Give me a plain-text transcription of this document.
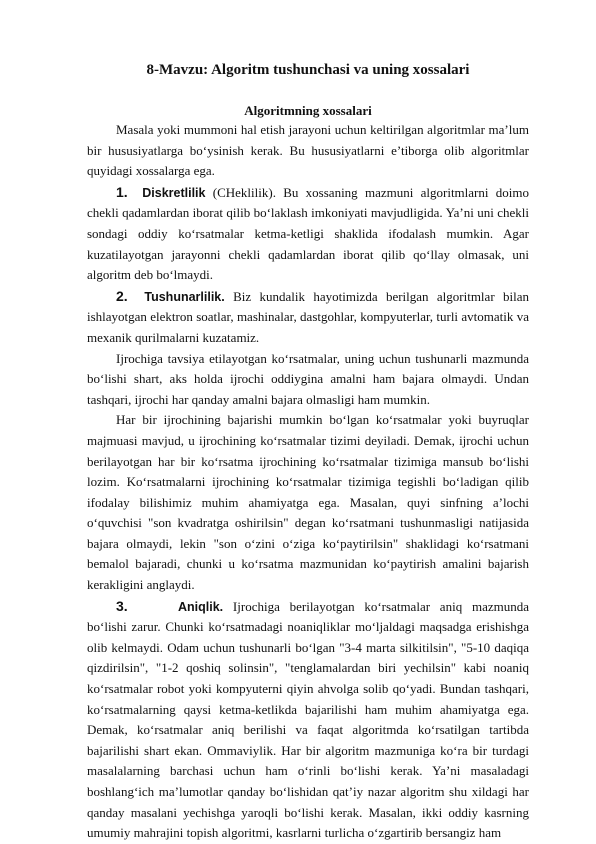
8-Mavzu: Algoritm tushunchasi va uning xossalari
Algoritmning xossalari

Masala yoki mummoni hal etish jarayoni uchun keltirilgan algoritmlar ma’lum bir hususiyatlarga bo‘ysinish kerak. Bu hususiyatlarni e’tiborga olib algoritmlar quyidagi xossalarga ega.

1. Diskretlilik (CHeklilik). Bu xossaning mazmuni algoritmlarni doimo chekli qadamlardan iborat qilib bo‘laklash imkoniyati mavjudligida. Ya’ni uni chekli sondagi oddiy ko‘rsatmalar ketma-ketligi shaklida ifodalash mumkin. Agar kuzatilayotgan jarayonni chekli qadamlardan iborat qilib qo‘llay olmasak, uni algoritm deb bo‘lmaydi.

2. Tushunarlilik. Biz kundalik hayotimizda berilgan algoritmlar bilan ishlayotgan elektron soatlar, mashinalar, dastgohlar, kompyuterlar, turli avtomatik va mexanik qurilmalarni kuzatamiz.

Ijrochiga tavsiya etilayotgan ko‘rsatmalar, uning uchun tushunarli mazmunda bo‘lishi shart, aks holda ijrochi oddiygina amalni ham bajara olmaydi. Undan tashqari, ijrochi har qanday amalni bajara olmasligi ham mumkin.

Har bir ijrochining bajarishi mumkin bo‘lgan ko‘rsatmalar yoki buyruqlar majmuasi mavjud, u ijrochining ko‘rsatmalar tizimi deyiladi. Demak, ijrochi uchun berilayotgan har bir ko‘rsatma ijrochining ko‘rsatmalar tizimiga mansub bo‘lishi lozim. Ko‘rsatmalarni ijrochining ko‘rsatmalar tizimiga tegishli bo‘ladigan qilib ifodalay bilishimiz muhim ahamiyatga ega. Masalan, quyi sinfning a’lochi o‘quvchisi "son kvadratga oshirilsin" degan ko‘rsatmani tushunmasligi natijasida bajara olmaydi, lekin "son o‘zini o‘ziga ko‘paytirilsin" shaklidagi ko‘rsatmani bemalol bajaradi, chunki u ko‘rsatma mazmunidan ko‘paytirish amalini bajarish kerakligini anglaydi.

3.	Aniqlik. Ijrochiga berilayotgan ko‘rsatmalar aniq mazmunda bo‘lishi zarur. Chunki ko‘rsatmadagi noaniqliklar mo‘ljaldagi maqsadga erishishga olib kelmaydi. Odam uchun tushunarli bo‘lgan "3-4 marta silkitilsin", "5-10 daqiqa qizdirilsin", "1-2 qoshiq solinsin", "tenglamalardan biri yechilsin" kabi noaniq ko‘rsatmalar robot yoki kompyuterni qiyin ahvolga solib qo‘yadi. Bundan tashqari, ko‘rsatmalarning qaysi ketma-ketlikda bajarilishi ham muhim ahamiyatga ega. Demak, ko‘rsatmalar aniq berilishi va faqat algoritmda ko‘rsatilgan tartibda bajarilishi shart ekan. Ommaviylik. Har bir algoritm mazmuniga ko‘ra bir turdagi masalalarning barchasi uchun ham o‘rinli bo‘lishi kerak. Ya’ni masaladagi boshlang‘ich ma’lumotlar qanday bo‘lishidan qat’iy nazar algoritm shu xildagi har qanday masalani yechishga yaroqli bo‘lishi kerak. Masalan, ikki oddiy kasrning umumiy mahrajini topish algoritmi, kasrlarni turlicha o‘zgartirib bersangiz ham
